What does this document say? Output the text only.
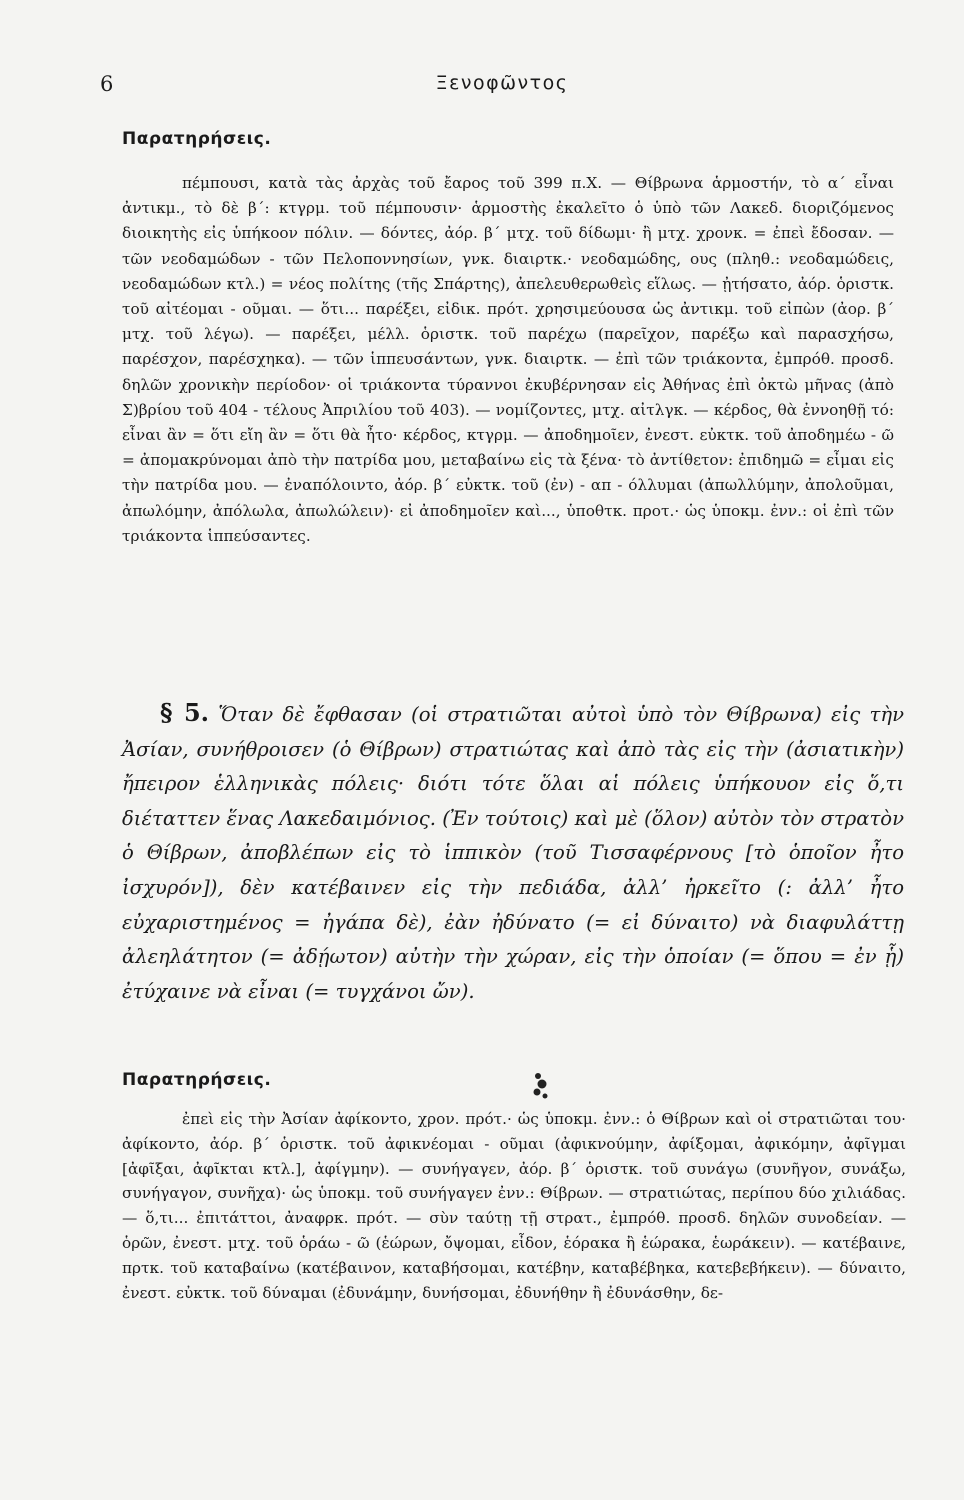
6	Ξενοφῶντος
Παρατηρήσεις.

πέμπουσι, κατὰ τὰς ἀρχὰς τοῦ ἔαρος τοῦ 399 π.Χ. — Θίβρωνα ἁρμοστήν, τὸ α΄ εἶναι ἀντικμ., τὸ δὲ β΄: κτγρμ. τοῦ πέμπουσιν· ἁρμοστὴς ἐκαλεῖτο ὁ ὑπὸ τῶν Λακεδ. διοριζόμενος διοικητὴς εἰς ὑπήκοον πόλιν. — δόντες, ἀόρ. β΄ μτχ. τοῦ δίδωμι· ἢ μτχ. χρονκ. = ἐπεὶ ἔδοσαν. — τῶν νεοδαμώδων - τῶν Πελοποννησίων, γνκ. διαιρτκ.· νεοδαμώδης, ους (πληθ.: νεοδαμώδεις, νεοδαμώδων κτλ.) = νέος πολίτης (τῆς Σπάρτης), ἀπελευθερωθεὶς εἵλως. — ᾐτήσατο, ἀόρ. ὁριστκ. τοῦ αἰτέομαι - οῦμαι. — ὅτι... παρέξει, εἰδικ. πρότ. χρησιμεύουσα ὡς ἀντικμ. τοῦ εἰπὼν (ἀορ. β΄ μτχ. τοῦ λέγω). — παρέξει, μέλλ. ὁριστκ. τοῦ παρέχω (παρεῖχον, παρέξω καὶ παρασχήσω, παρέσχον, παρέσχηκα). — τῶν ἱππευσάντων, γνκ. διαιρτκ. — ἐπὶ τῶν τριάκοντα, ἐμπρόθ. προσδ. δηλῶν χρονικὴν περίοδον· οἱ τριάκοντα τύραννοι ἐκυβέρνησαν εἰς Ἀθήνας ἐπὶ ὀκτὼ μῆνας (ἀπὸ Σ)βρίου τοῦ 404 - τέλους Ἀπριλίου τοῦ 403). — νομίζοντες, μτχ. αἰτλγκ. — κέρδος, θὰ ἐννοηθῇ τό: εἶναι ἂν = ὅτι εἴη ἂν = ὅτι θὰ ἦτο· κέρδος, κτγρμ. — ἀποδημοῖεν, ἐνεστ. εὐκτκ. τοῦ ἀποδημέω - ῶ = ἀπομακρύνομαι ἀπὸ τὴν πατρίδα μου, μεταβαίνω εἰς τὰ ξένα· τὸ ἀντίθετον: ἐπιδημῶ = εἶμαι εἰς τὴν πατρίδα μου. — ἐναπόλοιντο, ἀόρ. β΄ εὐκτκ. τοῦ (ἐν) - απ - όλλυμαι (ἀπωλλύμην, ἀπολοῦμαι, ἀπωλόμην, ἀπόλωλα, ἀπωλώλειν)· εἰ ἀποδημοῖεν καὶ..., ὑποθτκ. προτ.· ὡς ὑποκμ. ἐνν.: οἱ ἐπὶ τῶν τριάκοντα ἱππεύσαντες.

§ 5. Ὅταν δὲ ἔφθασαν (οἱ στρατιῶται αὐτοὶ ὑπὸ τὸν Θίβρωνα) εἰς τὴν Ἀσίαν, συνήθροισεν (ὁ Θίβρων) στρατιώτας καὶ ἀπὸ τὰς εἰς τὴν (ἀσιατικὴν) ἤπειρον ἑλληνικὰς πόλεις· διότι τότε ὅλαι αἱ πόλεις ὑπήκουον εἰς ὅ,τι διέταττεν ἕνας Λακεδαιμόνιος. (Ἐν τούτοις) καὶ μὲ (ὅλον) αὐτὸν τὸν στρατὸν ὁ Θίβρων, ἀποβλέπων εἰς τὸ ἱππικὸν (τοῦ Τισσαφέρνους [τὸ ὁποῖον ἦτο ἰσχυρόν]), δὲν κατέβαινεν εἰς τὴν πεδιάδα, ἀλλ’ ἠρκεῖτο (: ἀλλ’ ἦτο εὐχαριστημένος = ἠγάπα δὲ), ἐὰν ἠδύνατο (= εἰ δύναιτο) νὰ διαφυλάττῃ ἀλεηλάτητον (= ἀδῄωτον) αὐτὴν τὴν χώραν, εἰς τὴν ὁποίαν (= ὅπου = ἐν ᾗ) ἐτύχαινε νὰ εἶναι (= τυγχάνοι ὤν).

Παρατηρήσεις.

ἐπεὶ εἰς τὴν Ἀσίαν ἀφίκοντο, χρον. πρότ.· ὡς ὑποκμ. ἐνν.: ὁ Θίβρων καὶ οἱ στρατιῶται του· ἀφίκοντο, ἀόρ. β΄ ὁριστκ. τοῦ ἀφικνέομαι - οῦμαι (ἀφικνούμην, ἀφίξομαι, ἀφικόμην, ἀφῖγμαι [ἀφῖξαι, ἀφῖκται κτλ.], ἀφίγμην). — συνήγαγεν, ἀόρ. β΄ ὁριστκ. τοῦ συνάγω (συνῆγον, συνάξω, συνήγαγον, συνῆχα)· ὡς ὑποκμ. τοῦ συνήγαγεν ἐνν.: Θίβρων. — στρατιώτας, περίπου δύο χιλιάδας. — ὅ,τι... ἐπιτάττοι, ἀναφρκ. πρότ. — σὺν ταύτῃ τῇ στρατ., ἐμπρόθ. προσδ. δηλῶν συνοδείαν. — ὁρῶν, ἐνεστ. μτχ. τοῦ ὁράω - ῶ (ἑώρων, ὄψομαι, εἶδον, ἑόρακα ἢ ἑώρακα, ἑωράκειν). — κατέβαινε, πρτκ. τοῦ καταβαίνω (κατέβαινον, καταβήσομαι, κατέβην, καταβέβηκα, κατεβεβήκειν). — δύναιτο, ἐνεστ. εὐκτκ. τοῦ δύναμαι (ἐδυνάμην, δυνήσομαι, ἐδυνήθην ἢ ἐδυνάσθην, δε-
